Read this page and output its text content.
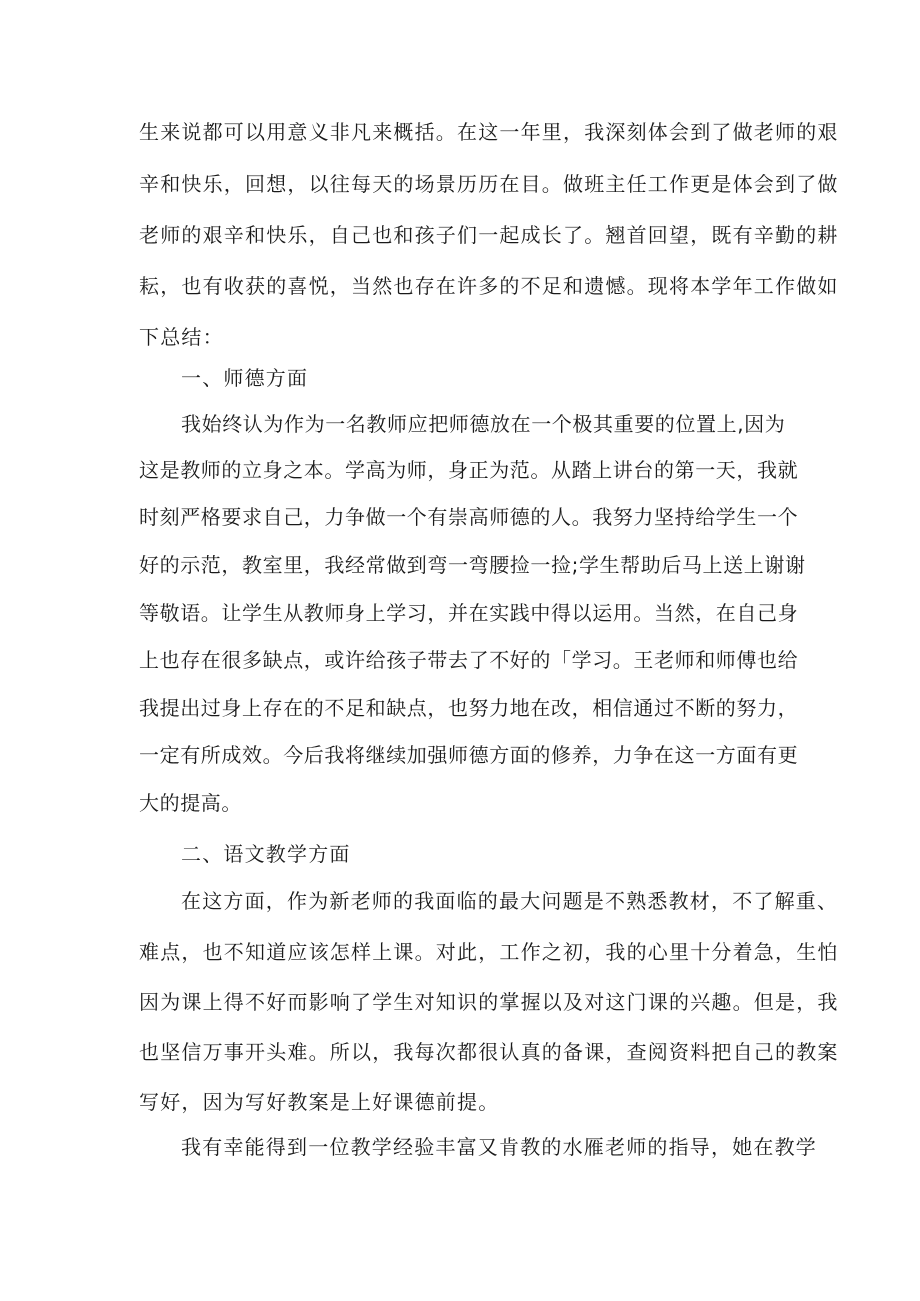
生来说都可以用意义非凡来概括。在这一年里，我深刻体会到了做老师的艰
辛和快乐，回想，以往每天的场景历历在目。做班主任工作更是体会到了做
老师的艰辛和快乐，自己也和孩子们一起成长了。翘首回望，既有辛勤的耕
耘，也有收获的喜悦，当然也存在许多的不足和遗憾。现将本学年工作做如
下总结：
一、师德方面
我始终认为作为一名教师应把师德放在一个极其重要的位置上,因为
这是教师的立身之本。学高为师，身正为范。从踏上讲台的第一天，我就
时刻严格要求自己，力争做一个有崇高师德的人。我努力坚持给学生一个
好的示范，教室里，我经常做到弯一弯腰捡一捡;学生帮助后马上送上谢谢
等敬语。让学生从教师身上学习，并在实践中得以运用。当然，在自己身
上也存在很多缺点，或许给孩子带去了不好的「学习。王老师和师傅也给
我提出过身上存在的不足和缺点，也努力地在改，相信通过不断的努力，
一定有所成效。今后我将继续加强师德方面的修养，力争在这一方面有更
大的提高。
二、语文教学方面
在这方面，作为新老师的我面临的最大问题是不熟悉教材，不了解重、
难点，也不知道应该怎样上课。对此，工作之初，我的心里十分着急，生怕
因为课上得不好而影响了学生对知识的掌握以及对这门课的兴趣。但是，我
也坚信万事开头难。所以，我每次都很认真的备课，查阅资料把自己的教案
写好，因为写好教案是上好课德前提。
我有幸能得到一位教学经验丰富又肯教的水雁老师的指导，她在教学
